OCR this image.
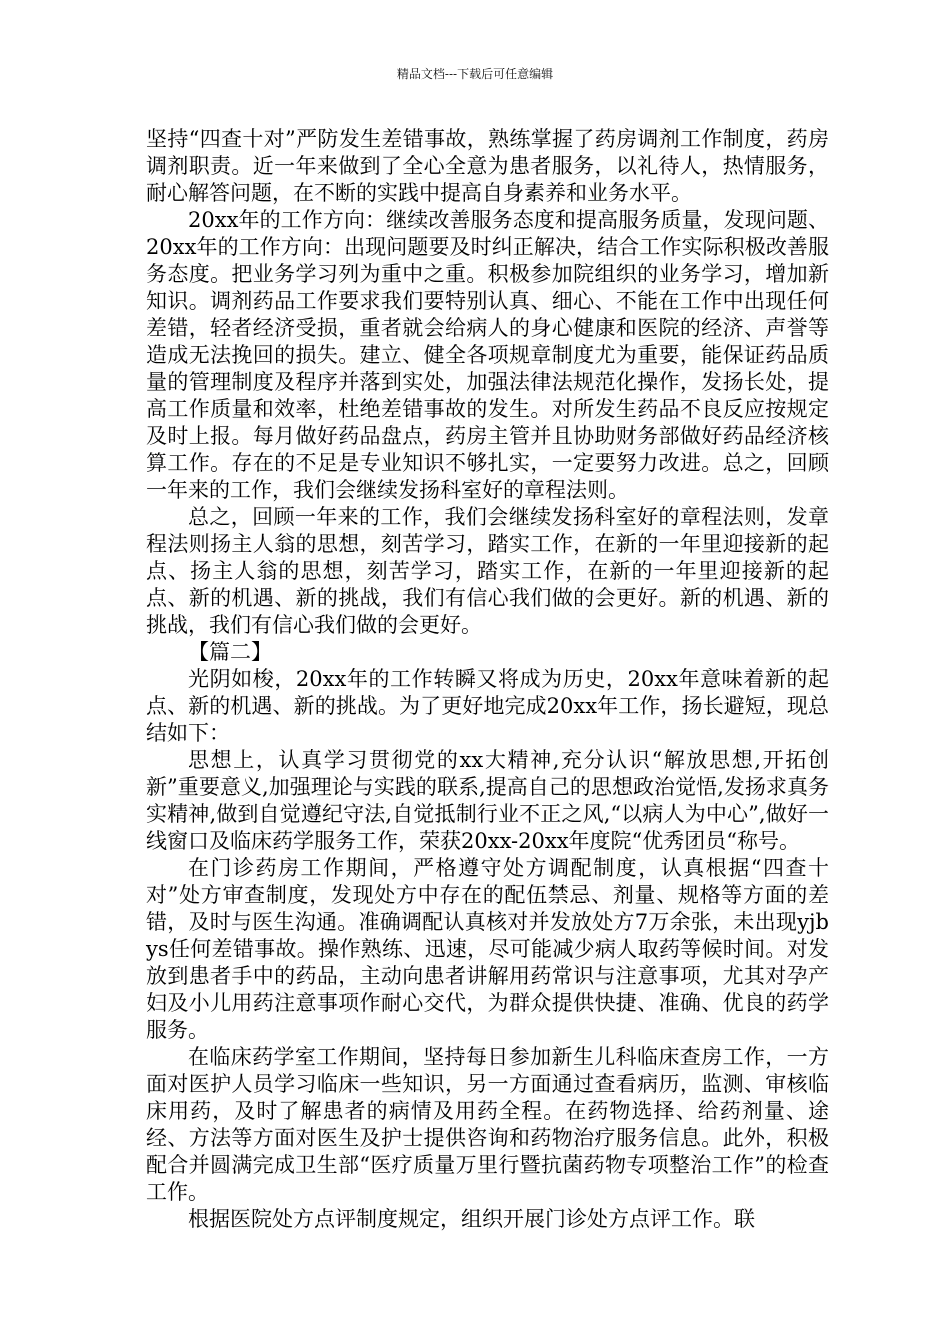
精品文档---下载后可任意编辑

坚持“四查十对”严防发生差错事故，熟练掌握了药房调剂工作制度，药房调剂职责。近一年来做到了全心全意为患者服务，以礼待人，热情服务，耐心解答问题，在不断的实践中提高自身素养和业务水平。

20xx年的工作方向：继续改善服务态度和提高服务质量，发现问题、20xx年的工作方向：出现问题要及时纠正解决，结合工作实际积极改善服务态度。把业务学习列为重中之重。积极参加院组织的业务学习，增加新知识。调剂药品工作要求我们要特别认真、细心、不能在工作中出现任何差错，轻者经济受损，重者就会给病人的身心健康和医院的经济、声誉等造成无法挽回的损失。建立、健全各项规章制度尤为重要，能保证药品质量的管理制度及程序并落到实处，加强法律法规范化操作，发扬长处，提高工作质量和效率，杜绝差错事故的发生。对所发生药品不良反应按规定及时上报。每月做好药品盘点，药房主管并且协助财务部做好药品经济核算工作。存在的不足是专业知识不够扎实，一定要努力改进。总之，回顾一年来的工作，我们会继续发扬科室好的章程法则。

总之，回顾一年来的工作，我们会继续发扬科室好的章程法则，发章程法则扬主人翁的思想，刻苦学习，踏实工作，在新的一年里迎接新的起点、扬主人翁的思想，刻苦学习，踏实工作，在新的一年里迎接新的起点、新的机遇、新的挑战，我们有信心我们做的会更好。新的机遇、新的挑战，我们有信心我们做的会更好。

【篇二】

光阴如梭，20xx年的工作转瞬又将成为历史，20xx年意味着新的起点、新的机遇、新的挑战。为了更好地完成20xx年工作，扬长避短，现总结如下：

思想上，认真学习贯彻党的xx大精神,充分认识“解放思想,开拓创新”重要意义,加强理论与实践的联系,提高自己的思想政治觉悟,发扬求真务实精神,做到自觉遵纪守法,自觉抵制行业不正之风,“以病人为中心”,做好一线窗口及临床药学服务工作，荣获20xx-20xx年度院“优秀团员“称号。

在门诊药房工作期间，严格遵守处方调配制度，认真根据“四查十对”处方审查制度，发现处方中存在的配伍禁忌、剂量、规格等方面的差错，及时与医生沟通。准确调配认真核对并发放处方7万余张，未出现yjbys任何差错事故。操作熟练、迅速，尽可能减少病人取药等候时间。对发放到患者手中的药品，主动向患者讲解用药常识与注意事项，尤其对孕产妇及小儿用药注意事项作耐心交代，为群众提供快捷、准确、优良的药学服务。

在临床药学室工作期间，坚持每日参加新生儿科临床查房工作，一方面对医护人员学习临床一些知识，另一方面通过查看病历，监测、审核临床用药，及时了解患者的病情及用药全程。在药物选择、给药剂量、途经、方法等方面对医生及护士提供咨询和药物治疗服务信息。此外，积极配合并圆满完成卫生部“医疗质量万里行暨抗菌药物专项整治工作”的检查工作。

根据医院处方点评制度规定，组织开展门诊处方点评工作。联
